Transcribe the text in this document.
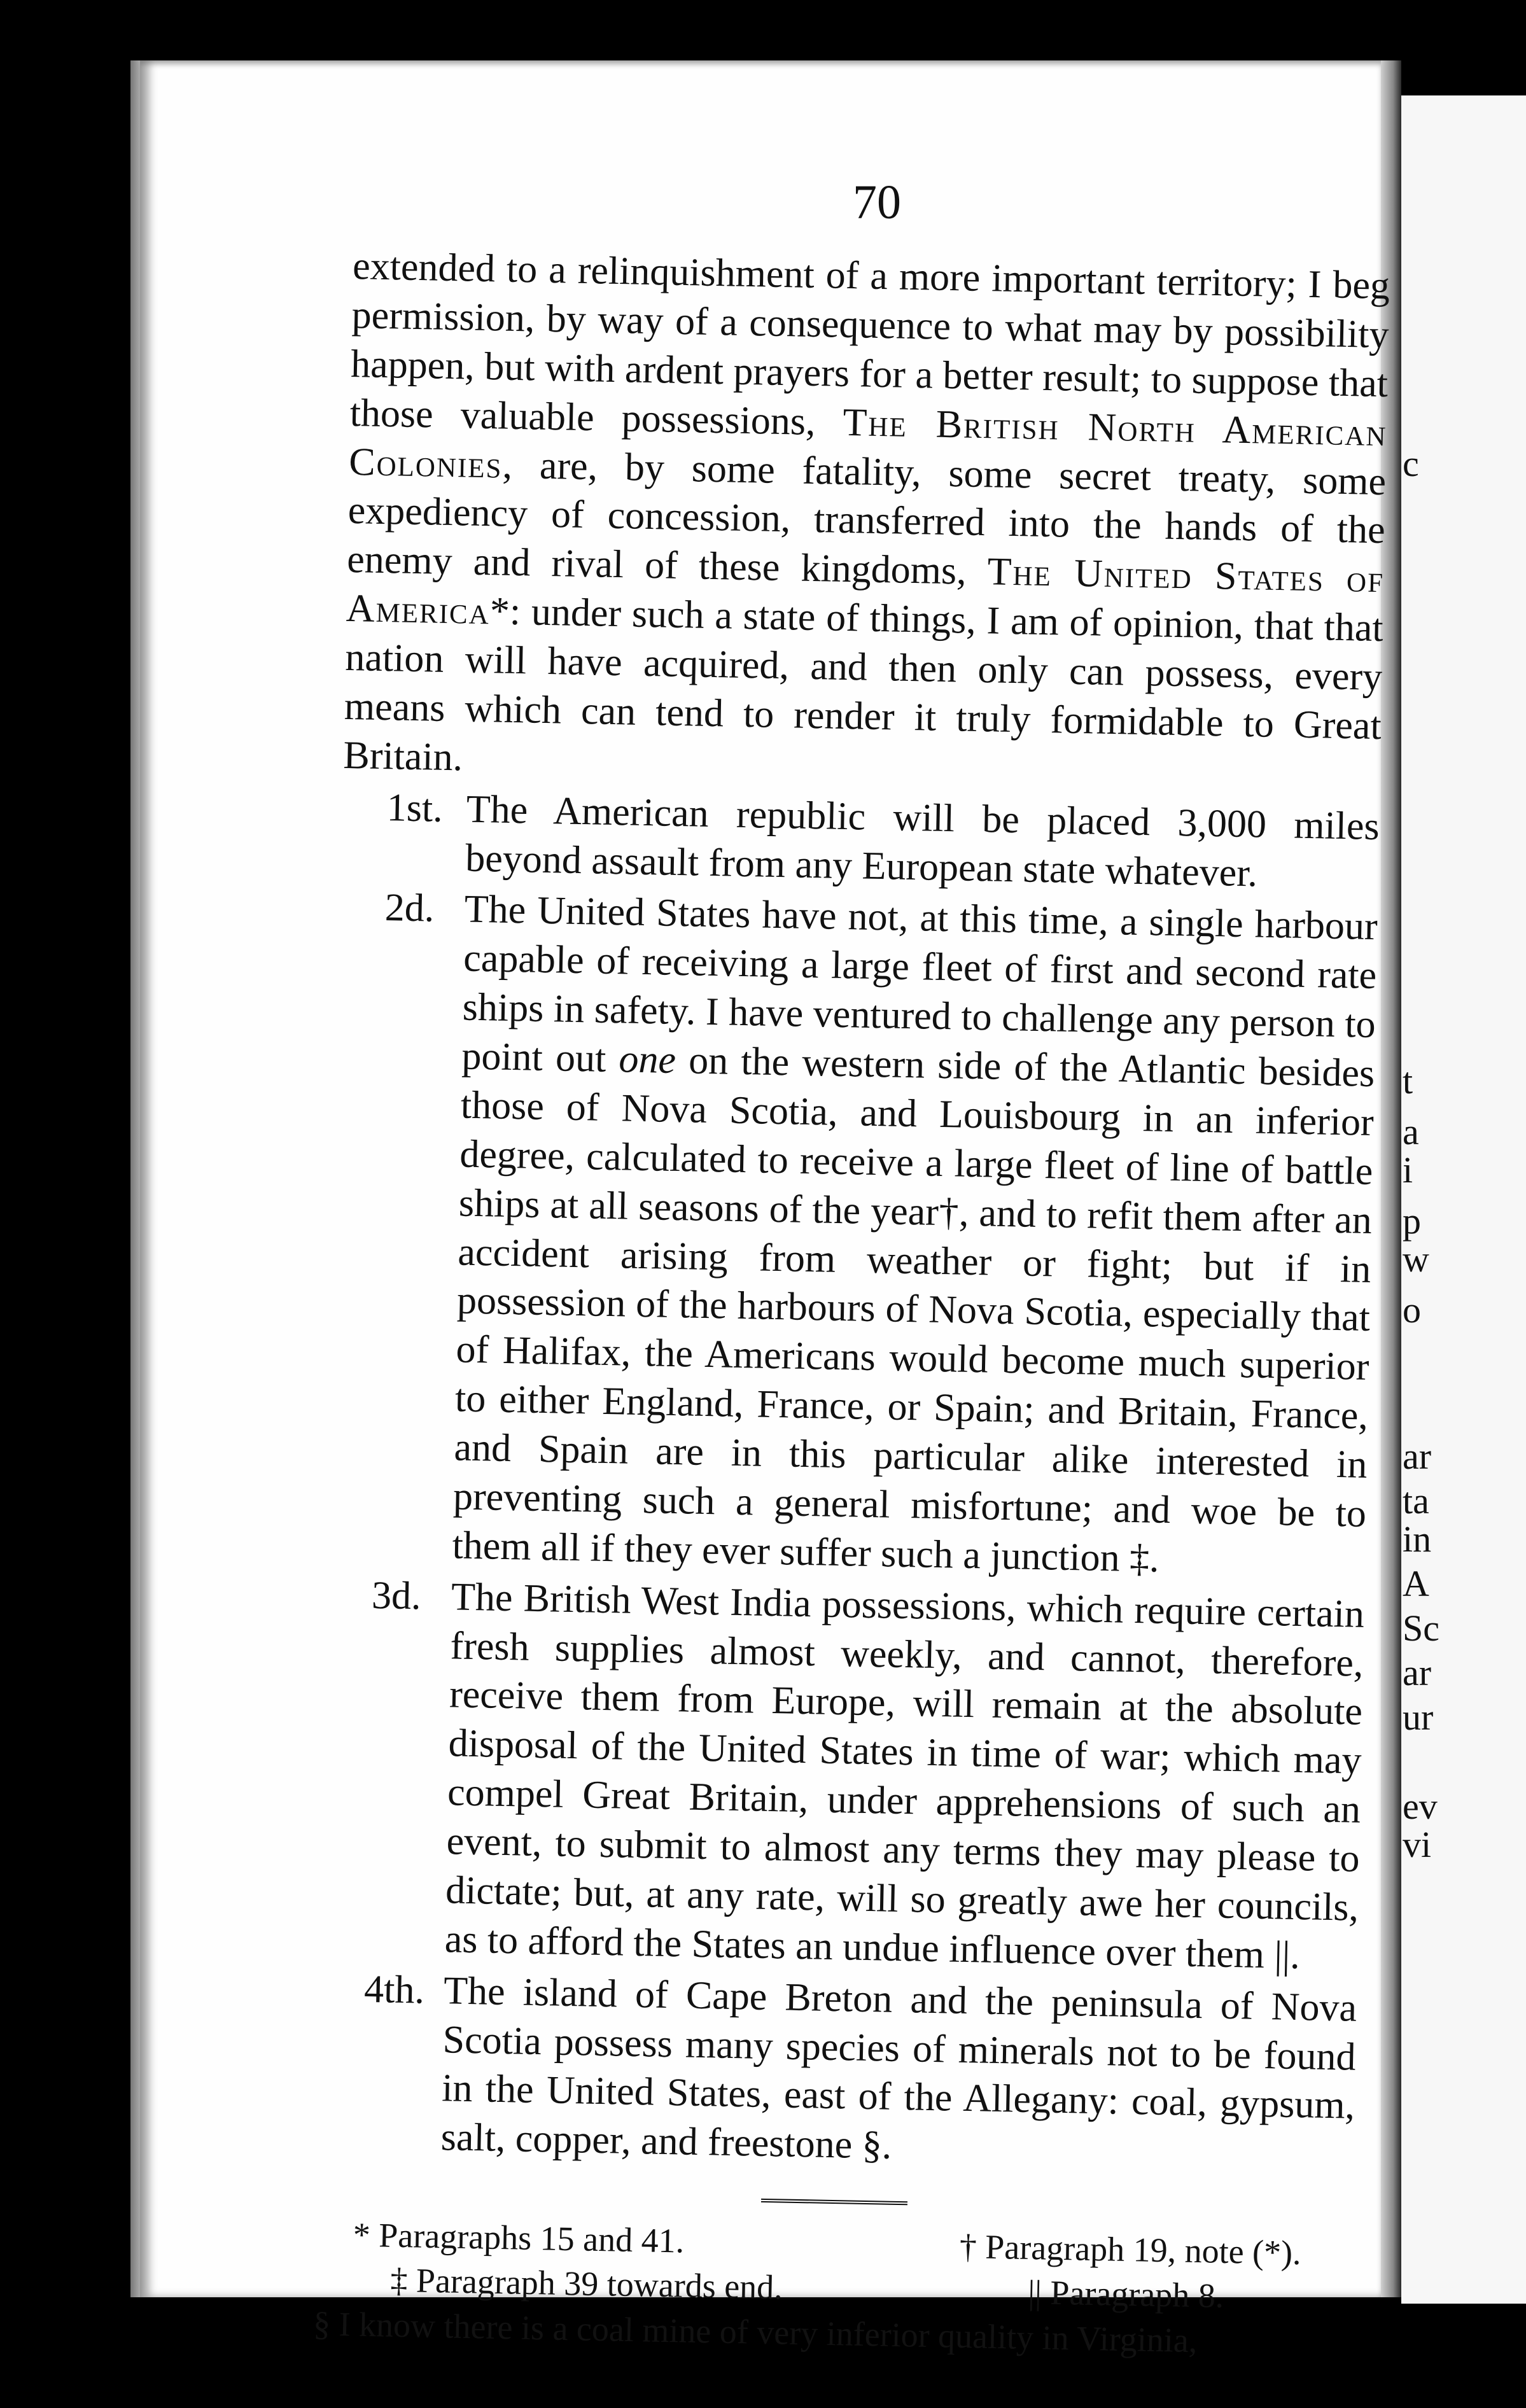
c
t
a
i
p
w
o
ar
ta
in
A
Sc
ar
ur
ev
vi
70

extended to a relinquishment of a more important territory; I beg permission, by way of a consequence to what may by possibility happen, but with ardent prayers for a better result; to suppose that those valuable possessions, The British North American Colonies, are, by some fatality, some secret treaty, some expediency of concession, transferred into the hands of the enemy and rival of these kingdoms, The United States of America*: under such a state of things, I am of opinion, that that nation will have acquired, and then only can possess, every means which can tend to render it truly formidable to Great Britain.

1st. The American republic will be placed 3,000 miles beyond assault from any European state whatever.

2d. The United States have not, at this time, a single harbour capable of receiving a large fleet of first and second rate ships in safety. I have ventured to challenge any person to point out one on the western side of the Atlantic besides those of Nova Scotia, and Louisbourg in an inferior degree, calculated to receive a large fleet of line of battle ships at all seasons of the year†, and to refit them after an accident arising from weather or fight; but if in possession of the harbours of Nova Scotia, especially that of Halifax, the Americans would become much superior to either England, France, or Spain; and Britain, France, and Spain are in this particular alike interested in preventing such a general misfortune; and woe be to them all if they ever suffer such a junction ‡.

3d. The British West India possessions, which require certain fresh supplies almost weekly, and cannot, therefore, receive them from Europe, will remain at the absolute disposal of the United States in time of war; which may compel Great Britain, under apprehensions of such an event, to submit to almost any terms they may please to dictate; but, at any rate, will so greatly awe her councils, as to afford the States an undue influence over them ||.

4th. The island of Cape Breton and the peninsula of Nova Scotia possess many species of minerals not to be found in the United States, east of the Allegany: coal, gypsum, salt, copper, and freestone §.

* Paragraphs 15 and 41.	† Paragraph 19, note (*).
‡ Paragraph 39 towards end.	|| Paragraph 8.
§ I know there is a coal mine of very inferior quality in Virginia,
